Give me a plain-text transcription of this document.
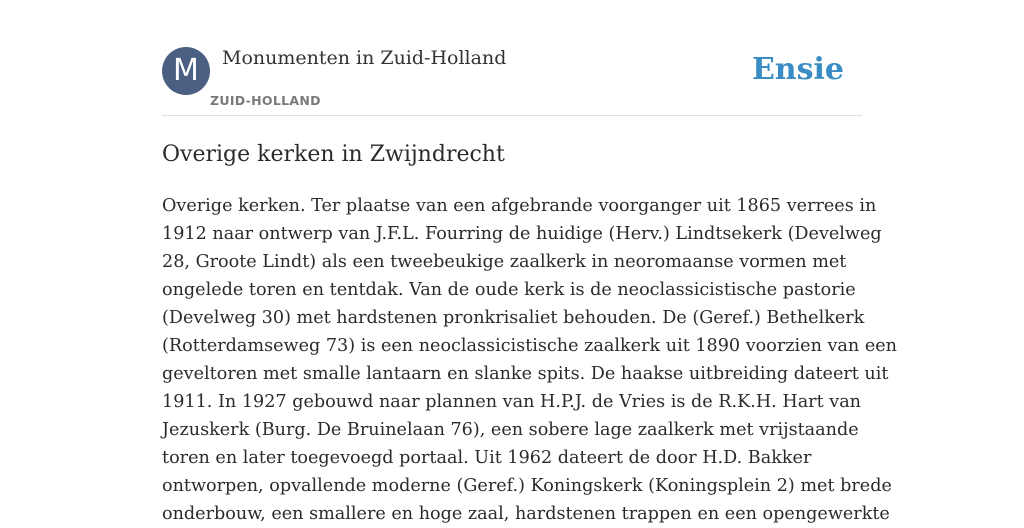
M	Monumenten in Zuid-Holland
ZUID-HOLLAND
Ensie
Overige kerken in Zwijndrecht

Overige kerken. Ter plaatse van een afgebrande voorganger uit 1865 verrees in
1912 naar ontwerp van J.F.L. Fourring de huidige (Herv.) Lindtsekerk (Develweg
28, Groote Lindt) als een tweebeukige zaalkerk in neoromaanse vormen met
ongelede toren en tentdak. Van de oude kerk is de neoclassicistische pastorie
(Develweg 30) met hardstenen pronkrisaliet behouden. De (Geref.) Bethelkerk
(Rotterdamseweg 73) is een neoclassicistische zaalkerk uit 1890 voorzien van een
geveltoren met smalle lantaarn en slanke spits. De haakse uitbreiding dateert uit
1911. In 1927 gebouwd naar plannen van H.P.J. de Vries is de R.K.H. Hart van
Jezuskerk (Burg. De Bruinelaan 76), een sobere lage zaalkerk met vrijstaande
toren en later toegevoegd portaal. Uit 1962 dateert de door H.D. Bakker
ontworpen, opvallende moderne (Geref.) Koningskerk (Koningsplein 2) met brede
onderbouw, een smallere en hoge zaal, hardstenen trappen en een opengewerkte
